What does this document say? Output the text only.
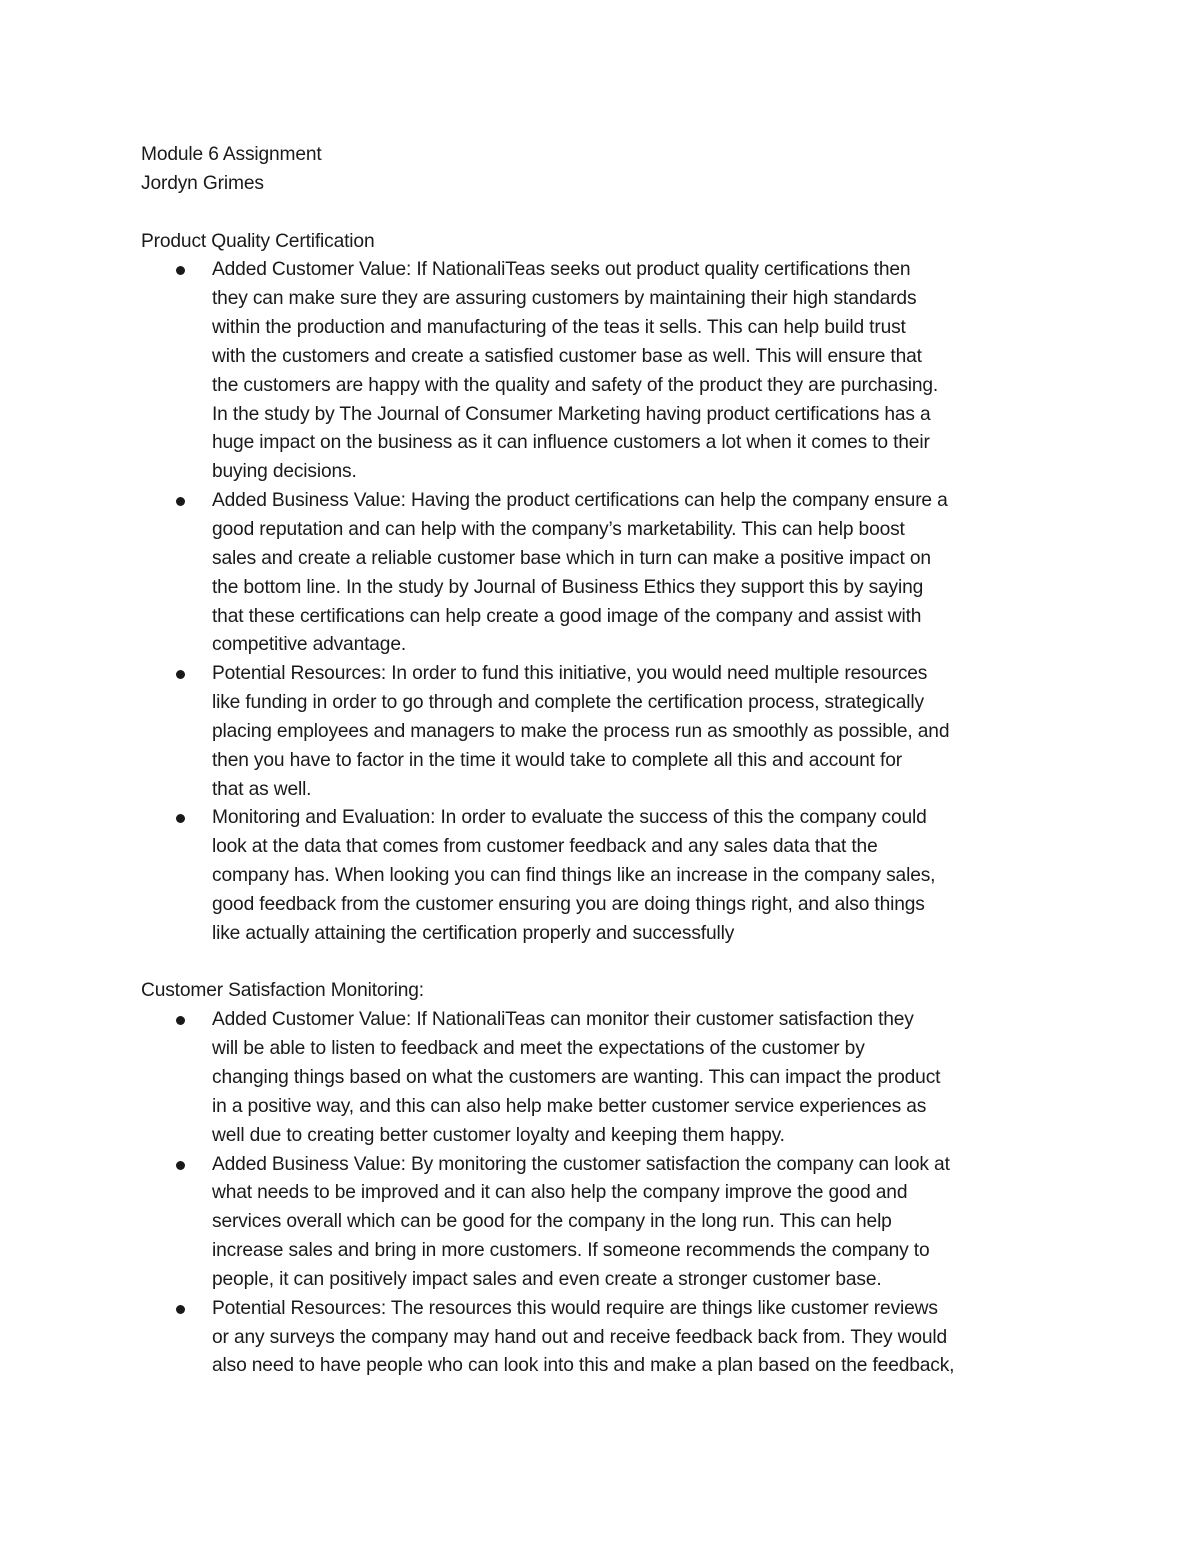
Module 6 Assignment
Jordyn Grimes
Product Quality Certification
Added Customer Value: If NationaliTeas seeks out product quality certifications then
they can make sure they are assuring customers by maintaining their high standards
within the production and manufacturing of the teas it sells. This can help build trust
with the customers and create a satisfied customer base as well. This will ensure that
the customers are happy with the quality and safety of the product they are purchasing.
In the study by The Journal of Consumer Marketing having product certifications has a
huge impact on the business as it can influence customers a lot when it comes to their
buying decisions.
Added Business Value: Having the product certifications can help the company ensure a
good reputation and can help with the company’s marketability. This can help boost
sales and create a reliable customer base which in turn can make a positive impact on
the bottom line. In the study by Journal of Business Ethics they support this by saying
that these certifications can help create a good image of the company and assist with
competitive advantage.
Potential Resources: In order to fund this initiative, you would need multiple resources
like funding in order to go through and complete the certification process, strategically
placing employees and managers to make the process run as smoothly as possible, and
then you have to factor in the time it would take to complete all this and account for
that as well.
Monitoring and Evaluation: In order to evaluate the success of this the company could
look at the data that comes from customer feedback and any sales data that the
company has. When looking you can find things like an increase in the company sales,
good feedback from the customer ensuring you are doing things right, and also things
like actually attaining the certification properly and successfully
Customer Satisfaction Monitoring:
Added Customer Value: If NationaliTeas can monitor their customer satisfaction they
will be able to listen to feedback and meet the expectations of the customer by
changing things based on what the customers are wanting. This can impact the product
in a positive way, and this can also help make better customer service experiences as
well due to creating better customer loyalty and keeping them happy.
Added Business Value: By monitoring the customer satisfaction the company can look at
what needs to be improved and it can also help the company improve the good and
services overall which can be good for the company in the long run. This can help
increase sales and bring in more customers. If someone recommends the company to
people, it can positively impact sales and even create a stronger customer base.
Potential Resources: The resources this would require are things like customer reviews
or any surveys the company may hand out and receive feedback back from. They would
also need to have people who can look into this and make a plan based on the feedback,
